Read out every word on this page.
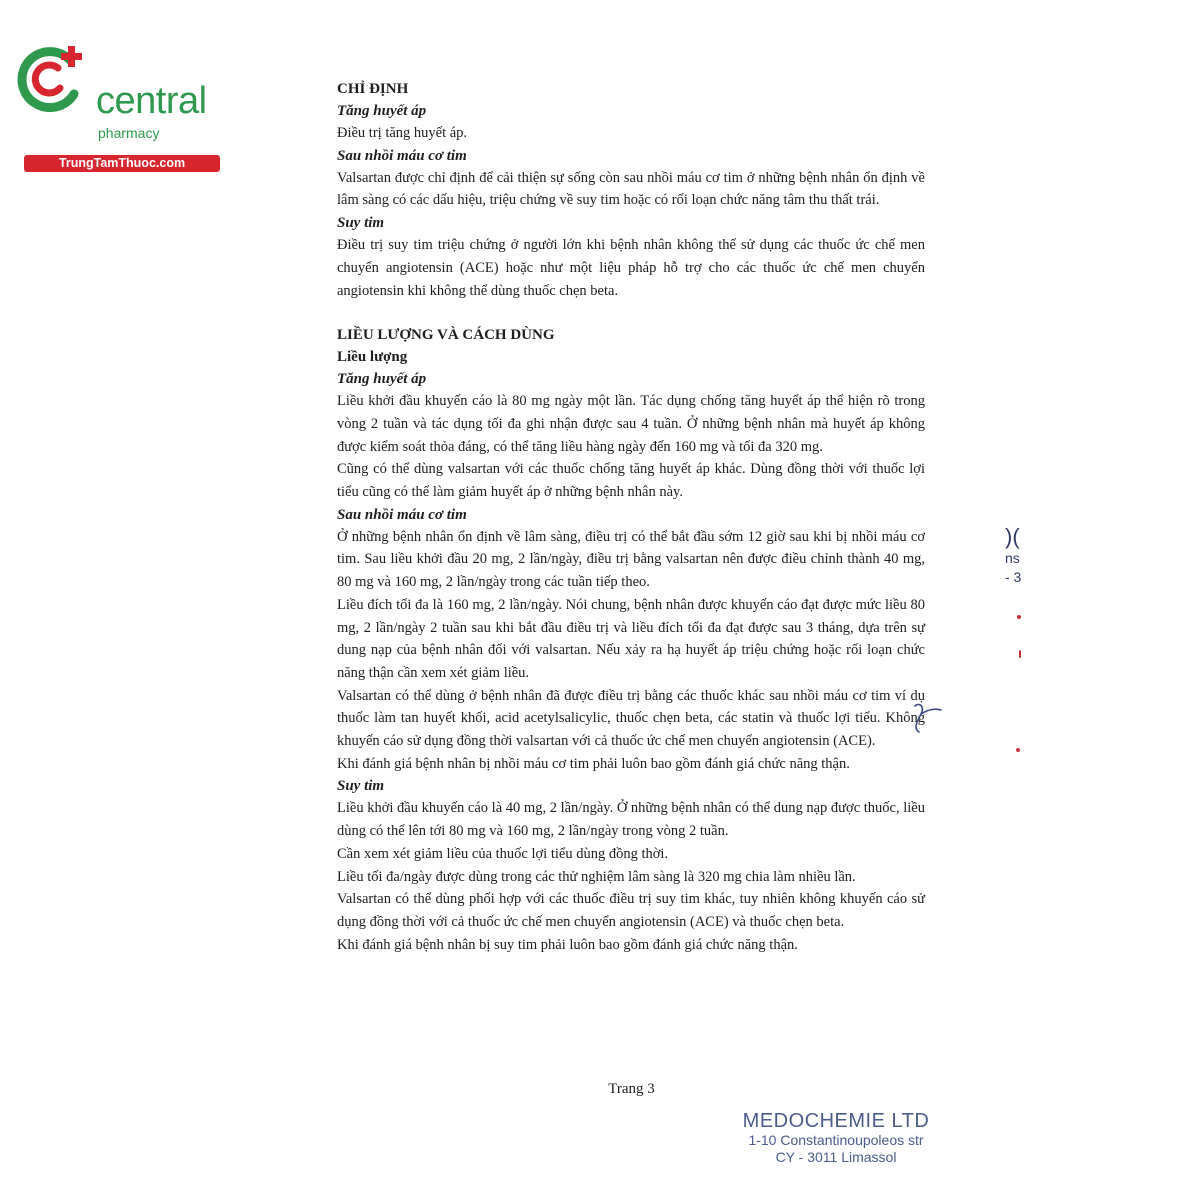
central
pharmacy
TrungTamThuoc.com

CHỈ ĐỊNH

Tăng huyết áp

Điều trị tăng huyết áp.

Sau nhồi máu cơ tim

Valsartan được chỉ định để cải thiện sự sống còn sau nhồi máu cơ tim ở những bệnh nhân ổn định về lâm sàng có các dấu hiệu, triệu chứng về suy tim hoặc có rối loạn chức năng tâm thu thất trái.

Suy tim

Điều trị suy tim triệu chứng ở người lớn khi bệnh nhân không thể sử dụng các thuốc ức chế men chuyển angiotensin (ACE) hoặc như một liệu pháp hỗ trợ cho các thuốc ức chế men chuyển angiotensin khi không thể dùng thuốc chẹn beta.

LIỀU LƯỢNG VÀ CÁCH DÙNG

Liều lượng

Tăng huyết áp

Liều khởi đầu khuyến cáo là 80 mg ngày một lần. Tác dụng chống tăng huyết áp thể hiện rõ trong vòng 2 tuần và tác dụng tối đa ghi nhận được sau 4 tuần. Ở những bệnh nhân mà huyết áp không được kiểm soát thỏa đáng, có thể tăng liều hàng ngày đến 160 mg và tối đa 320 mg.

Cũng có thể dùng valsartan với các thuốc chống tăng huyết áp khác. Dùng đồng thời với thuốc lợi tiểu cũng có thể làm giảm huyết áp ở những bệnh nhân này.

Sau nhồi máu cơ tim

Ở những bệnh nhân ổn định về lâm sàng, điều trị có thể bắt đầu sớm 12 giờ sau khi bị nhồi máu cơ tim. Sau liều khởi đầu 20 mg, 2 lần/ngày, điều trị bằng valsartan nên được điều chỉnh thành 40 mg, 80 mg và 160 mg, 2 lần/ngày trong các tuần tiếp theo.

Liều đích tối đa là 160 mg, 2 lần/ngày. Nói chung, bệnh nhân được khuyến cáo đạt được mức liều 80 mg, 2 lần/ngày 2 tuần sau khi bắt đầu điều trị và liều đích tối đa đạt được sau 3 tháng, dựa trên sự dung nạp của bệnh nhân đối với valsartan. Nếu xảy ra hạ huyết áp triệu chứng hoặc rối loạn chức năng thận cần xem xét giảm liều.

Valsartan có thể dùng ở bệnh nhân đã được điều trị bằng các thuốc khác sau nhồi máu cơ tim ví dụ thuốc làm tan huyết khối, acid acetylsalicylic, thuốc chẹn beta, các statin và thuốc lợi tiểu. Không khuyến cáo sử dụng đồng thời valsartan với cả thuốc ức chế men chuyển angiotensin (ACE).

Khi đánh giá bệnh nhân bị nhồi máu cơ tim phải luôn bao gồm đánh giá chức năng thận.

Suy tim

Liều khởi đầu khuyến cáo là 40 mg, 2 lần/ngày. Ở những bệnh nhân có thể dung nạp được thuốc, liều dùng có thể lên tới 80 mg và 160 mg, 2 lần/ngày trong vòng 2 tuần.

Cần xem xét giảm liều của thuốc lợi tiểu dùng đồng thời.

Liều tối đa/ngày được dùng trong các thử nghiệm lâm sàng là 320 mg chia làm nhiều lần.

Valsartan có thể dùng phối hợp với các thuốc điều trị suy tim khác, tuy nhiên không khuyến cáo sử dụng đồng thời với cả thuốc ức chế men chuyển angiotensin (ACE) và thuốc chẹn beta.

Khi đánh giá bệnh nhân bị suy tim phải luôn bao gồm đánh giá chức năng thận.

)(
ns
- 3
Trang 3
MEDOCHEMIE LTD
1-10 Constantinoupoleos str
CY - 3011 Limassol
